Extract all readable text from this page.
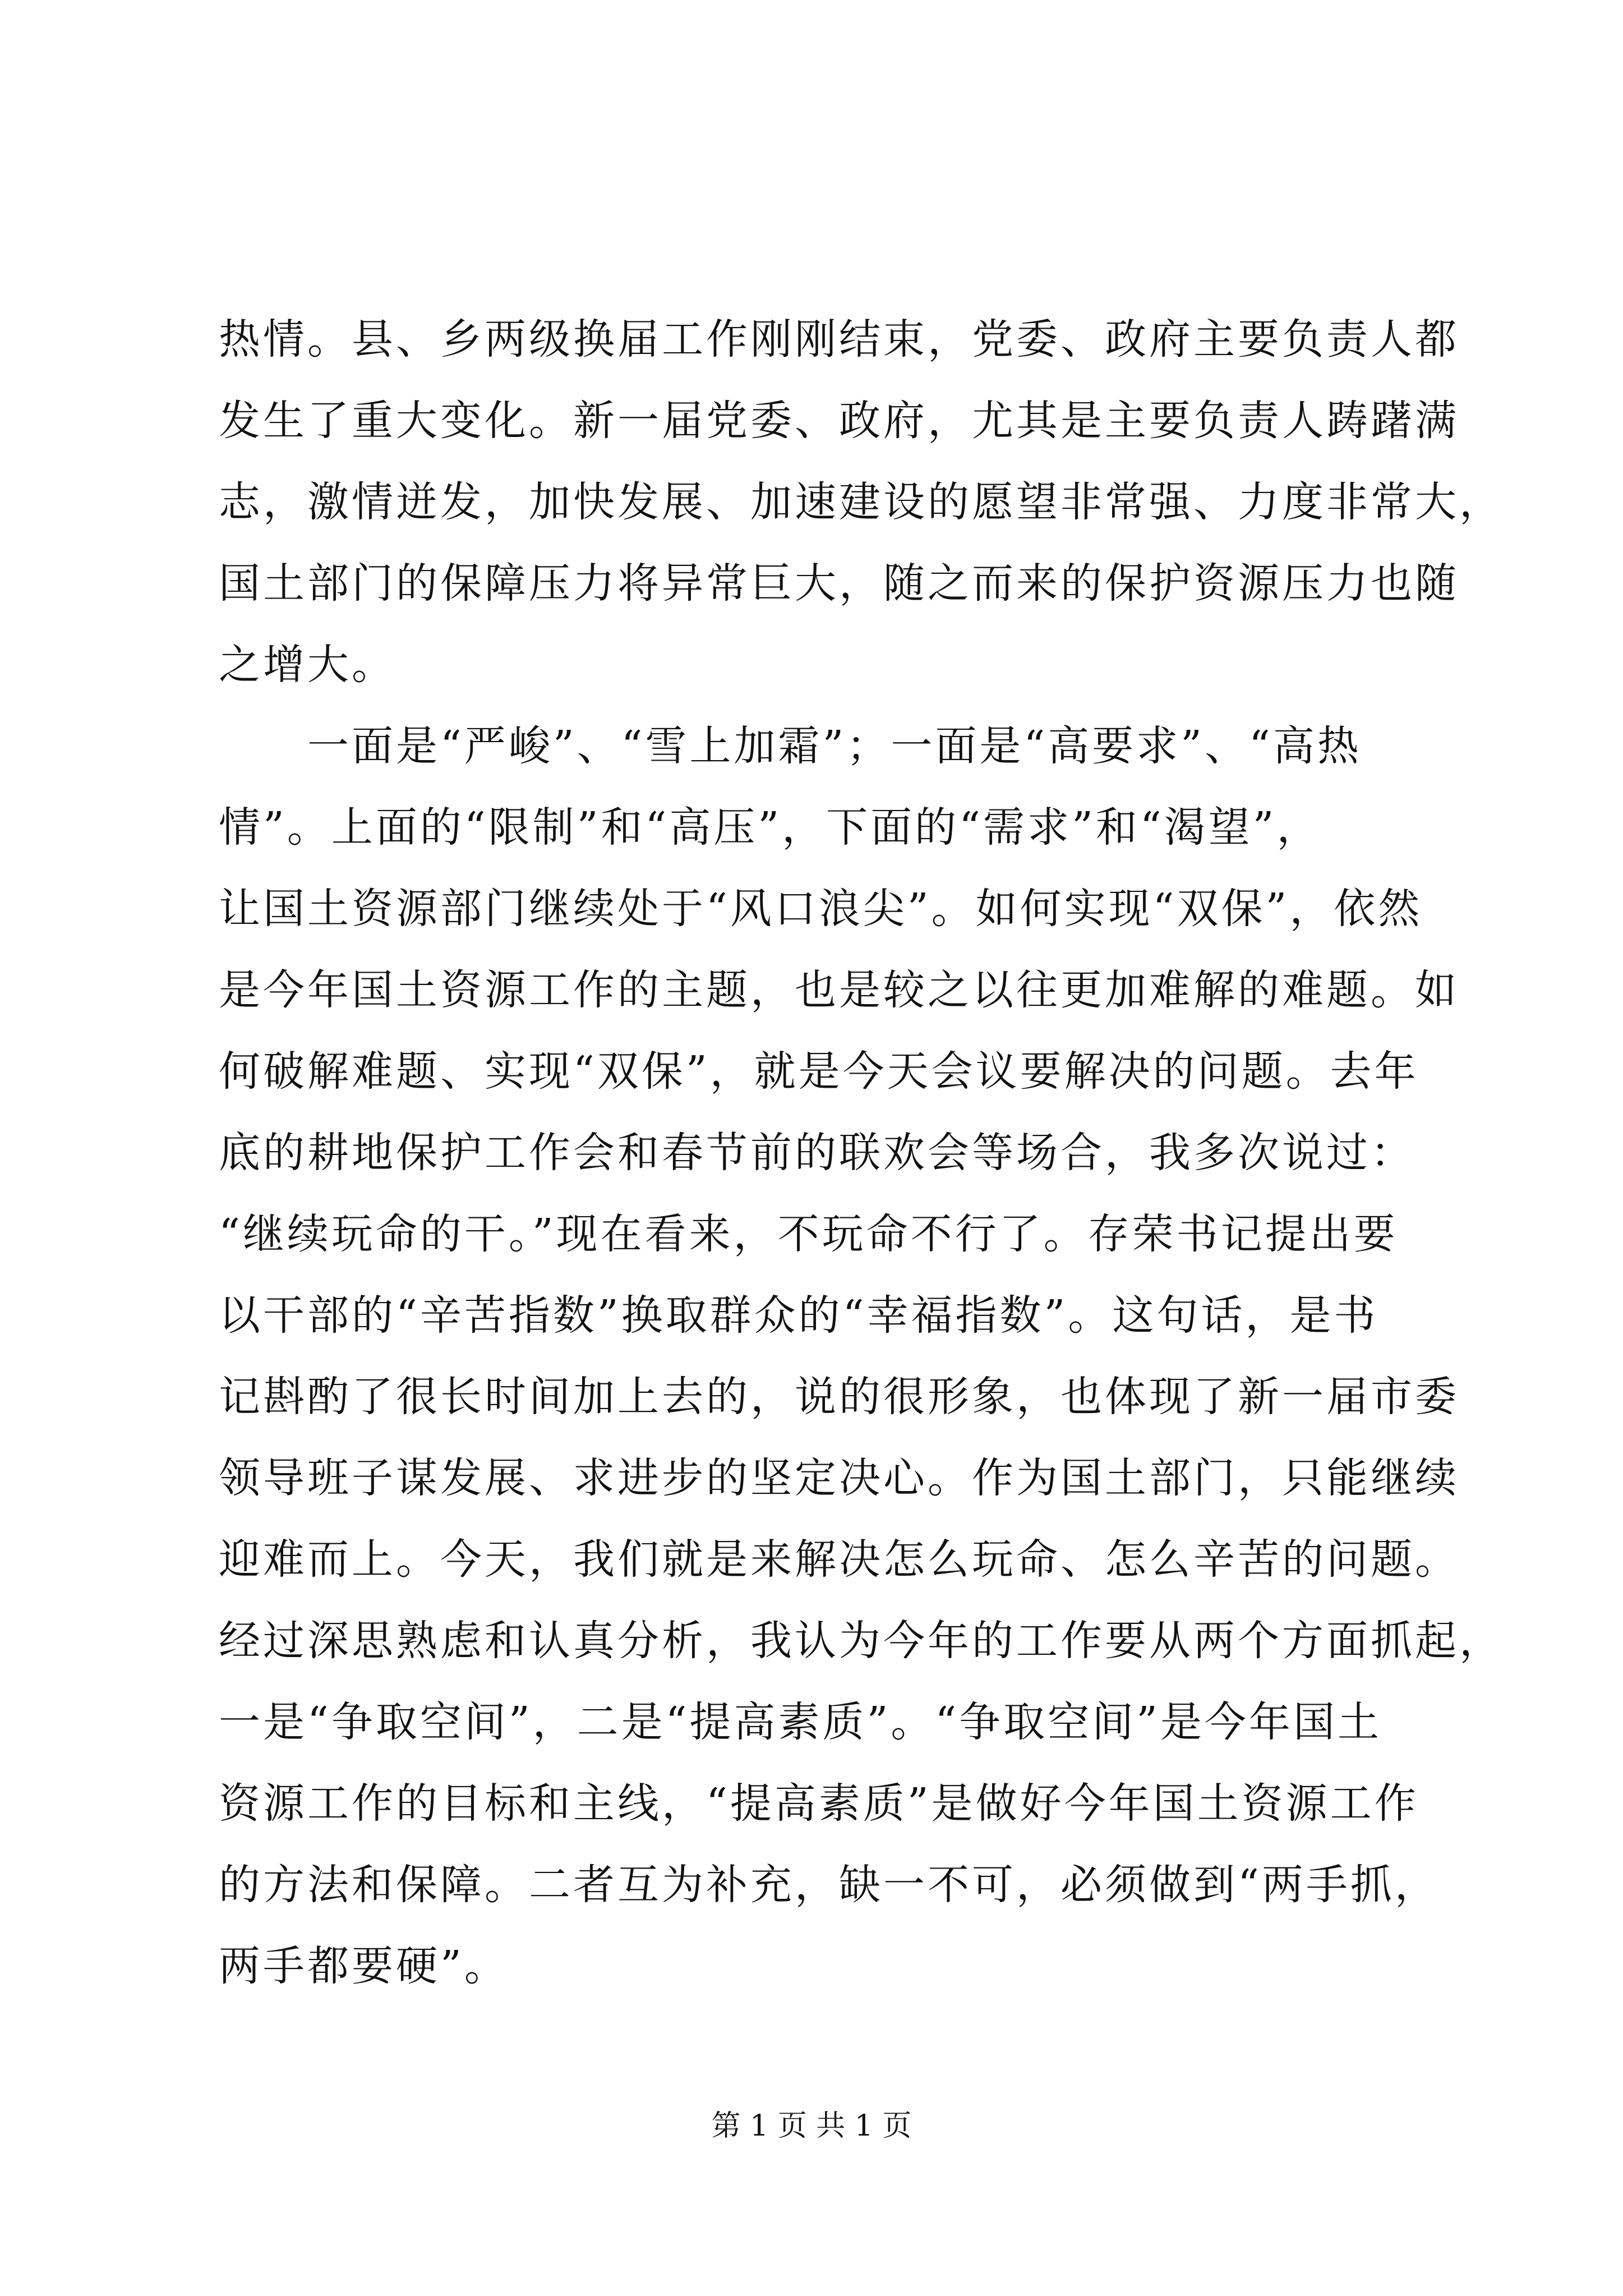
热情。县、乡两级换届工作刚刚结束，党委、政府主要负责人都
发生了重大变化。新一届党委、政府，尤其是主要负责人踌躇满
志，激情迸发，加快发展、加速建设的愿望非常强、力度非常大，
国土部门的保障压力将异常巨大，随之而来的保护资源压力也随
之增大。
　　一面是“严峻”、“雪上加霜”；一面是“高要求”、“高热
情”。上面的“限制”和“高压”，下面的“需求”和“渴望”，
让国土资源部门继续处于“风口浪尖”。如何实现“双保”，依然
是今年国土资源工作的主题，也是较之以往更加难解的难题。如
何破解难题、实现“双保”，就是今天会议要解决的问题。去年
底的耕地保护工作会和春节前的联欢会等场合，我多次说过：
“继续玩命的干。”现在看来，不玩命不行了。存荣书记提出要
以干部的“辛苦指数”换取群众的“幸福指数”。这句话，是书
记斟酌了很长时间加上去的，说的很形象，也体现了新一届市委
领导班子谋发展、求进步的坚定决心。作为国土部门，只能继续
迎难而上。今天，我们就是来解决怎么玩命、怎么辛苦的问题。
经过深思熟虑和认真分析，我认为今年的工作要从两个方面抓起，
一是“争取空间”，二是“提高素质”。“争取空间”是今年国土
资源工作的目标和主线，“提高素质”是做好今年国土资源工作
的方法和保障。二者互为补充，缺一不可，必须做到“两手抓，
两手都要硬”。
第 1 页 共 1 页
